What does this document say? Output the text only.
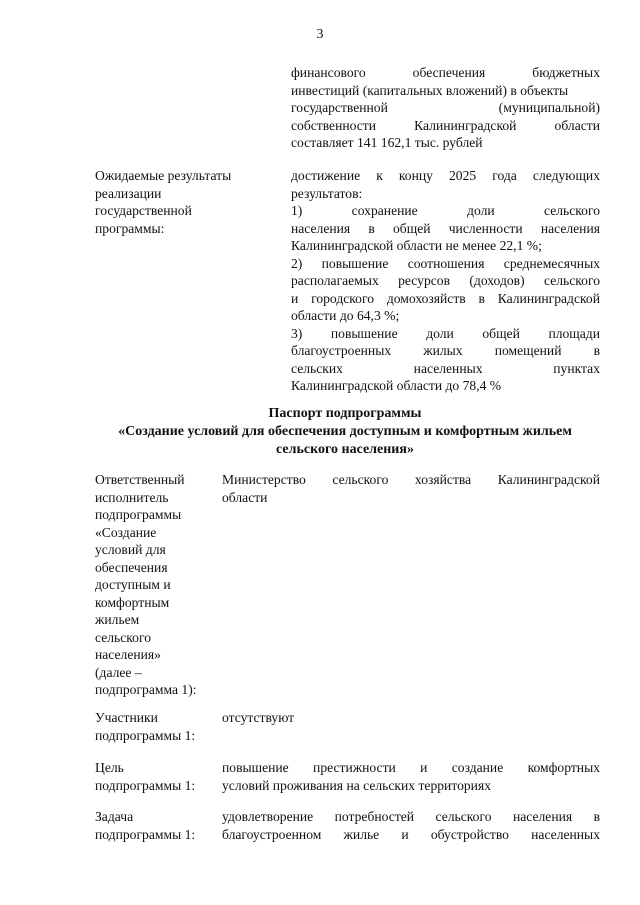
3
финансового обеспечения бюджетных
инвестиций (капитальных вложений) в объекты
государственной (муниципальной)
собственности Калининградской области
составляет 141 162,1 тыс. рублей
Ожидаемые результаты
реализации
государственной
программы:
достижение к концу 2025 года следующих
результатов:
1) сохранение доли сельского
населения в общей численности населения
Калининградской области не менее 22,1 %;
2) повышение соотношения среднемесячных
располагаемых ресурсов (доходов) сельского
и городского домохозяйств в Калининградской
области до 64,3 %;
3) повышение доли общей площади
благоустроенных жилых помещений в
сельских населенных пунктах
Калининградской области до 78,4 %
Паспорт подпрограммы
«Создание условий для обеспечения доступным и комфортным жильем
сельского населения»
Ответственный
исполнитель
подпрограммы
«Создание
условий для
обеспечения
доступным и
комфортным
жильем
сельского
населения»
(далее –
подпрограмма 1):
Министерство сельского хозяйства Калининградской
области
Участники
подпрограммы 1:
отсутствуют
Цель
подпрограммы 1:
повышение престижности и создание комфортных
условий проживания на сельских территориях
Задача
подпрограммы 1:
удовлетворение потребностей сельского населения в
благоустроенном жилье и обустройство населенных
